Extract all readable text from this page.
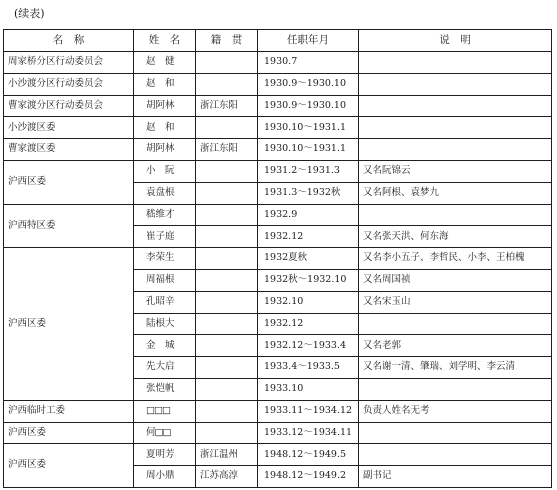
(续表)
名　称	姓　名	籍　贯	任职年月	说　明
周家桥分区行动委员会	赵　健		1930.7	
小沙渡分区行动委员会	赵　和		1930.9～1930.10	
曹家渡分区行动委员会	胡阿林	浙江东阳	1930.9～1930.10	
小沙渡区委	赵　和		1930.10～1931.1	
曹家渡区委	胡阿林	浙江东阳	1930.10～1931.1	
沪西区委	小　阮		1931.2～1931.3	又名阮锦云
	袁盘根		1931.3～1932秋	又名阿根、袁梦九
沪西特区委	嵇维才		1932.9	
	崔子庭		1932.12	又名张天洪、何东海
沪西区委	李荣生		1932夏秋	又名李小五子、李哲民、小李、王柏槐
	周福根		1932秋～1932.10	又名周国祯
	孔昭辛		1932.10	又名宋玉山
	陆根大		1932.12	
	金　城		1932.12～1933.4	又名老郭
	先大启		1933.4～1933.5	又名谢一清、肇瑞、刘学明、李云清
	张恺帆		1933.10	
沪西临时工委	□□□		1933.11～1934.12	负责人姓名无考
沪西区委	何□□		1933.12～1934.11	
沪西区委	夏明芳	浙江温州	1948.12～1949.5	
	周小鼎	江苏高淳	1948.12～1949.2	副书记
